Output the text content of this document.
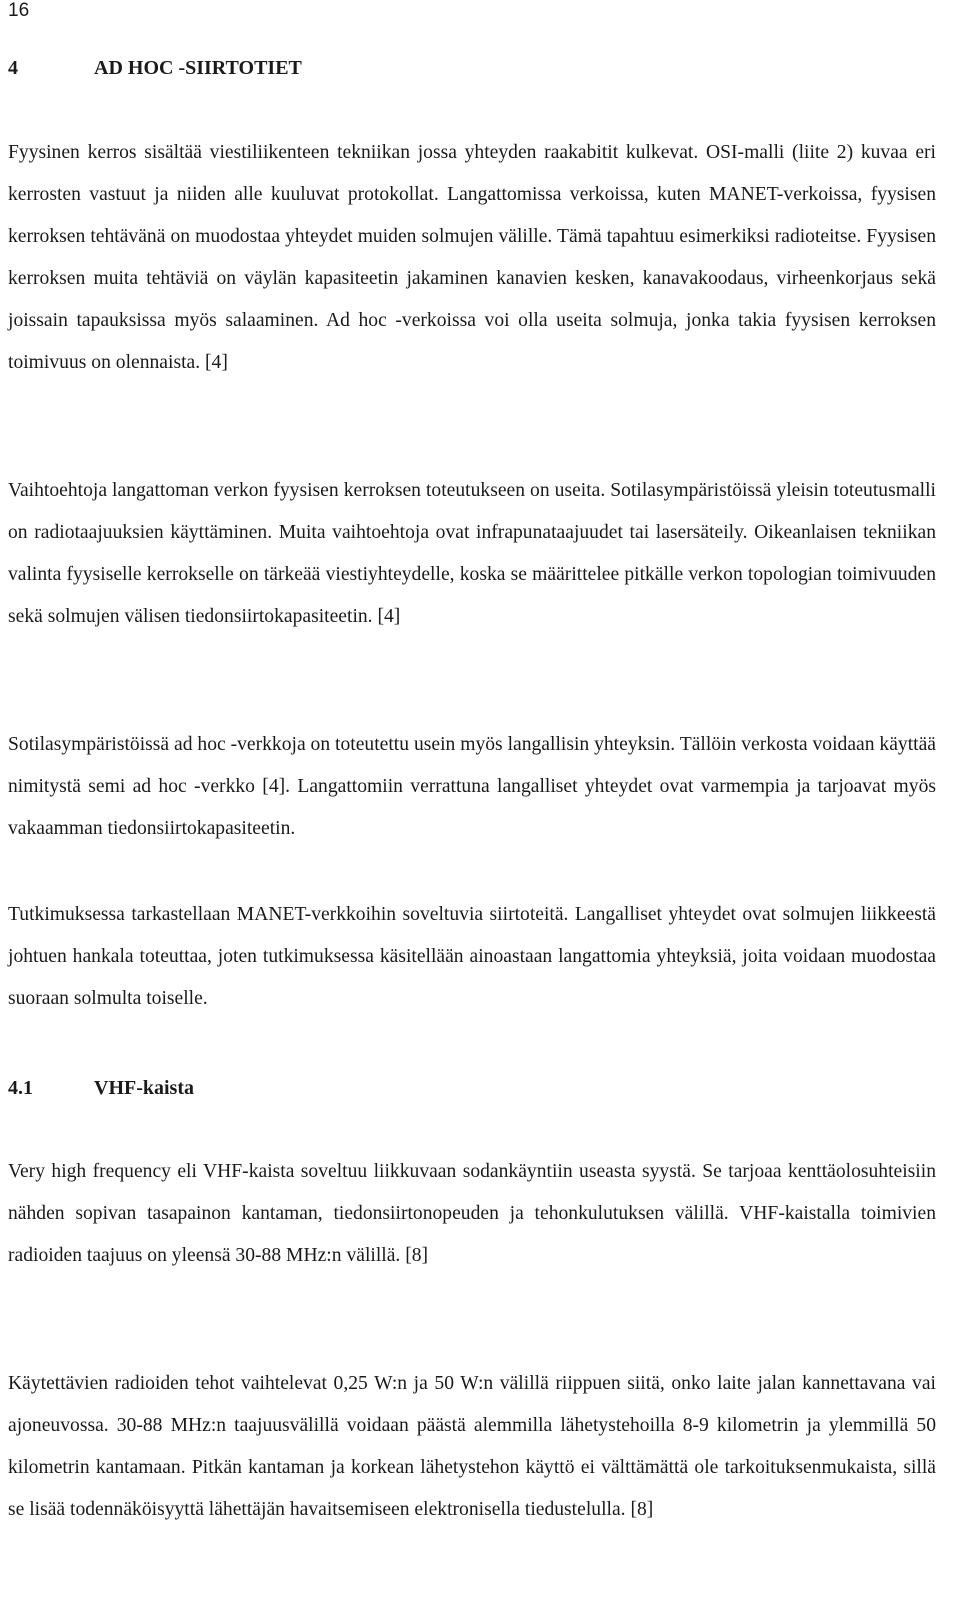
16
4	AD HOC -SIIRTOTIET

Fyysinen kerros sisältää viestiliikenteen tekniikan jossa yhteyden raakabitit kulkevat. OSI-malli (liite 2) kuvaa eri kerrosten vastuut ja niiden alle kuuluvat protokollat. Langattomissa verkoissa, kuten MANET-verkoissa, fyysisen kerroksen tehtävänä on muodostaa yhteydet muiden solmujen välille. Tämä tapahtuu esimerkiksi radioteitse. Fyysisen kerroksen muita tehtäviä on väylän kapasiteetin jakaminen kanavien kesken, kanavakoodaus, virheenkorjaus sekä joissain tapauksissa myös salaaminen. Ad hoc -verkoissa voi olla useita solmuja, jonka takia fyysisen kerroksen toimivuus on olennaista. [4]

Vaihtoehtoja langattoman verkon fyysisen kerroksen toteutukseen on useita. Sotilasympäristöissä yleisin toteutusmalli on radiotaajuuksien käyttäminen. Muita vaihtoehtoja ovat infrapunataajuudet tai lasersäteily. Oikeanlaisen tekniikan valinta fyysiselle kerrokselle on tärkeää viestiyhteydelle, koska se määrittelee pitkälle verkon topologian toimivuuden sekä solmujen välisen tiedonsiirtokapasiteetin. [4]

Sotilasympäristöissä ad hoc -verkkoja on toteutettu usein myös langallisin yhteyksin. Tällöin verkosta voidaan käyttää nimitystä semi ad hoc -verkko [4]. Langattomiin verrattuna langalliset yhteydet ovat varmempia ja tarjoavat myös vakaamman tiedonsiirtokapasiteetin.

Tutkimuksessa tarkastellaan MANET-verkkoihin soveltuvia siirtoteitä. Langalliset yhteydet ovat solmujen liikkeestä johtuen hankala toteuttaa, joten tutkimuksessa käsitellään ainoastaan langattomia yhteyksiä, joita voidaan muodostaa suoraan solmulta toiselle.

4.1	VHF-kaista

Very high frequency eli VHF-kaista soveltuu liikkuvaan sodankäyntiin useasta syystä. Se tarjoaa kenttäolosuhteisiin nähden sopivan tasapainon kantaman, tiedonsiirtonopeuden ja tehonkulutuksen välillä. VHF-kaistalla toimivien radioiden taajuus on yleensä 30-88 MHz:n välillä. [8]

Käytettävien radioiden tehot vaihtelevat 0,25 W:n ja 50 W:n välillä riippuen siitä, onko laite jalan kannettavana vai ajoneuvossa. 30-88 MHz:n taajuusvälillä voidaan päästä alemmilla lähetystehoilla 8-9 kilometrin ja ylemmillä 50 kilometrin kantamaan. Pitkän kantaman ja korkean lähetystehon käyttö ei välttämättä ole tarkoituksenmukaista, sillä se lisää todennäköisyyttä lähettäjän havaitsemiseen elektronisella tiedustelulla. [8]
